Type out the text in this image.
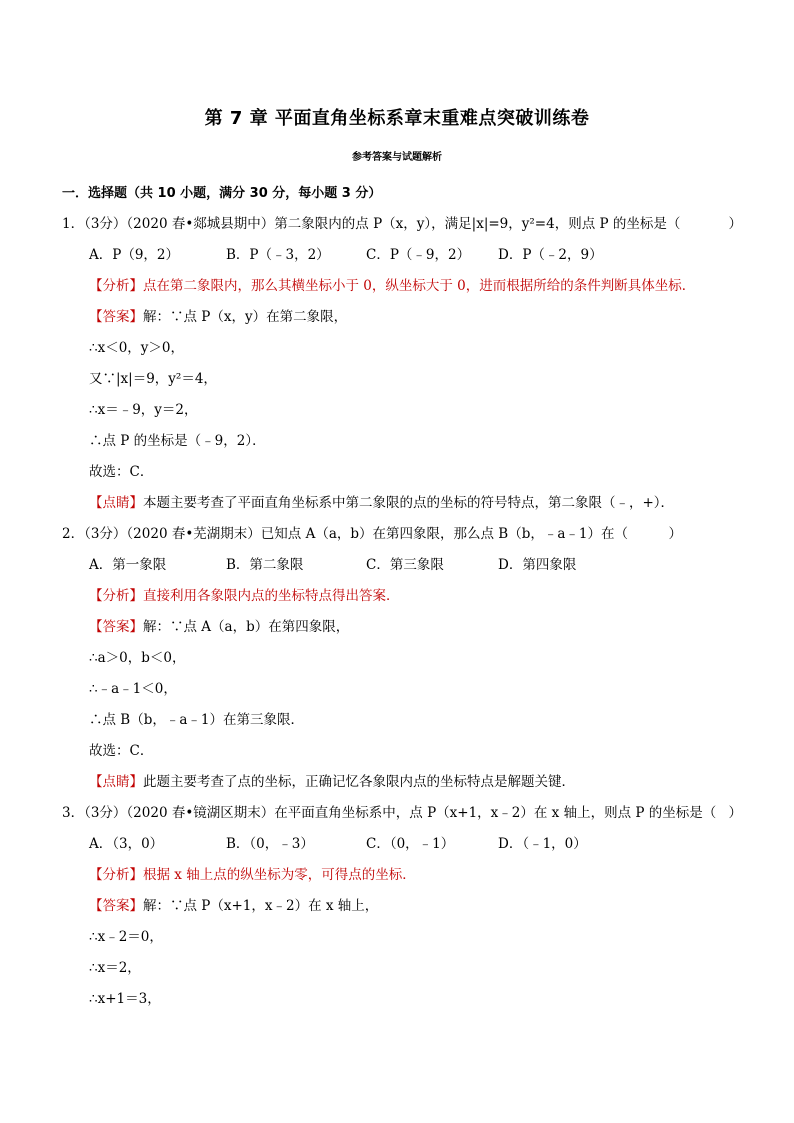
第 7 章 平面直角坐标系章末重难点突破训练卷
参考答案与试题解析
一．选择题（共 10 小题，满分 30 分，每小题 3 分）
1．（3分）（2020 春•郯城县期中）第二象限内的点 P（x，y），满足|x|=9，y²=4，则点 P 的坐标是（	）
A．P（9，2）	B．P（﹣3，2）	C．P（﹣9，2）	D．P（﹣2，9）
【分析】点在第二象限内，那么其横坐标小于 0，纵坐标大于 0，进而根据所给的条件判断具体坐标．
【答案】解：∵点 P（x，y）在第二象限，
∴x＜0，y＞0，
又∵|x|＝9，y²＝4，
∴x＝﹣9，y＝2，
∴点 P 的坐标是（﹣9，2）．
故选：C．
【点睛】本题主要考查了平面直角坐标系中第二象限的点的坐标的符号特点，第二象限（﹣，+）．
2．（3分）（2020 春•芜湖期末）已知点 A（a，b）在第四象限，那么点 B（b，﹣a﹣1）在（	）
A．第一象限	B．第二象限	C．第三象限	D．第四象限
【分析】直接利用各象限内点的坐标特点得出答案．
【答案】解：∵点 A（a，b）在第四象限，
∴a＞0，b＜0，
∴﹣a﹣1＜0，
∴点 B（b，﹣a﹣1）在第三象限．
故选：C．
【点睛】此题主要考查了点的坐标，正确记忆各象限内点的坐标特点是解题关键．
3．（3分）（2020 春•镜湖区期末）在平面直角坐标系中，点 P（x+1，x﹣2）在 x 轴上，则点 P 的坐标是（ ）
A．（3，0）	B．（0，﹣3）	C．（0，﹣1）	D．（﹣1，0）
【分析】根据 x 轴上点的纵坐标为零，可得点的坐标．
【答案】解：∵点 P（x+1，x﹣2）在 x 轴上，
∴x﹣2＝0，
∴x＝2，
∴x+1＝3，
